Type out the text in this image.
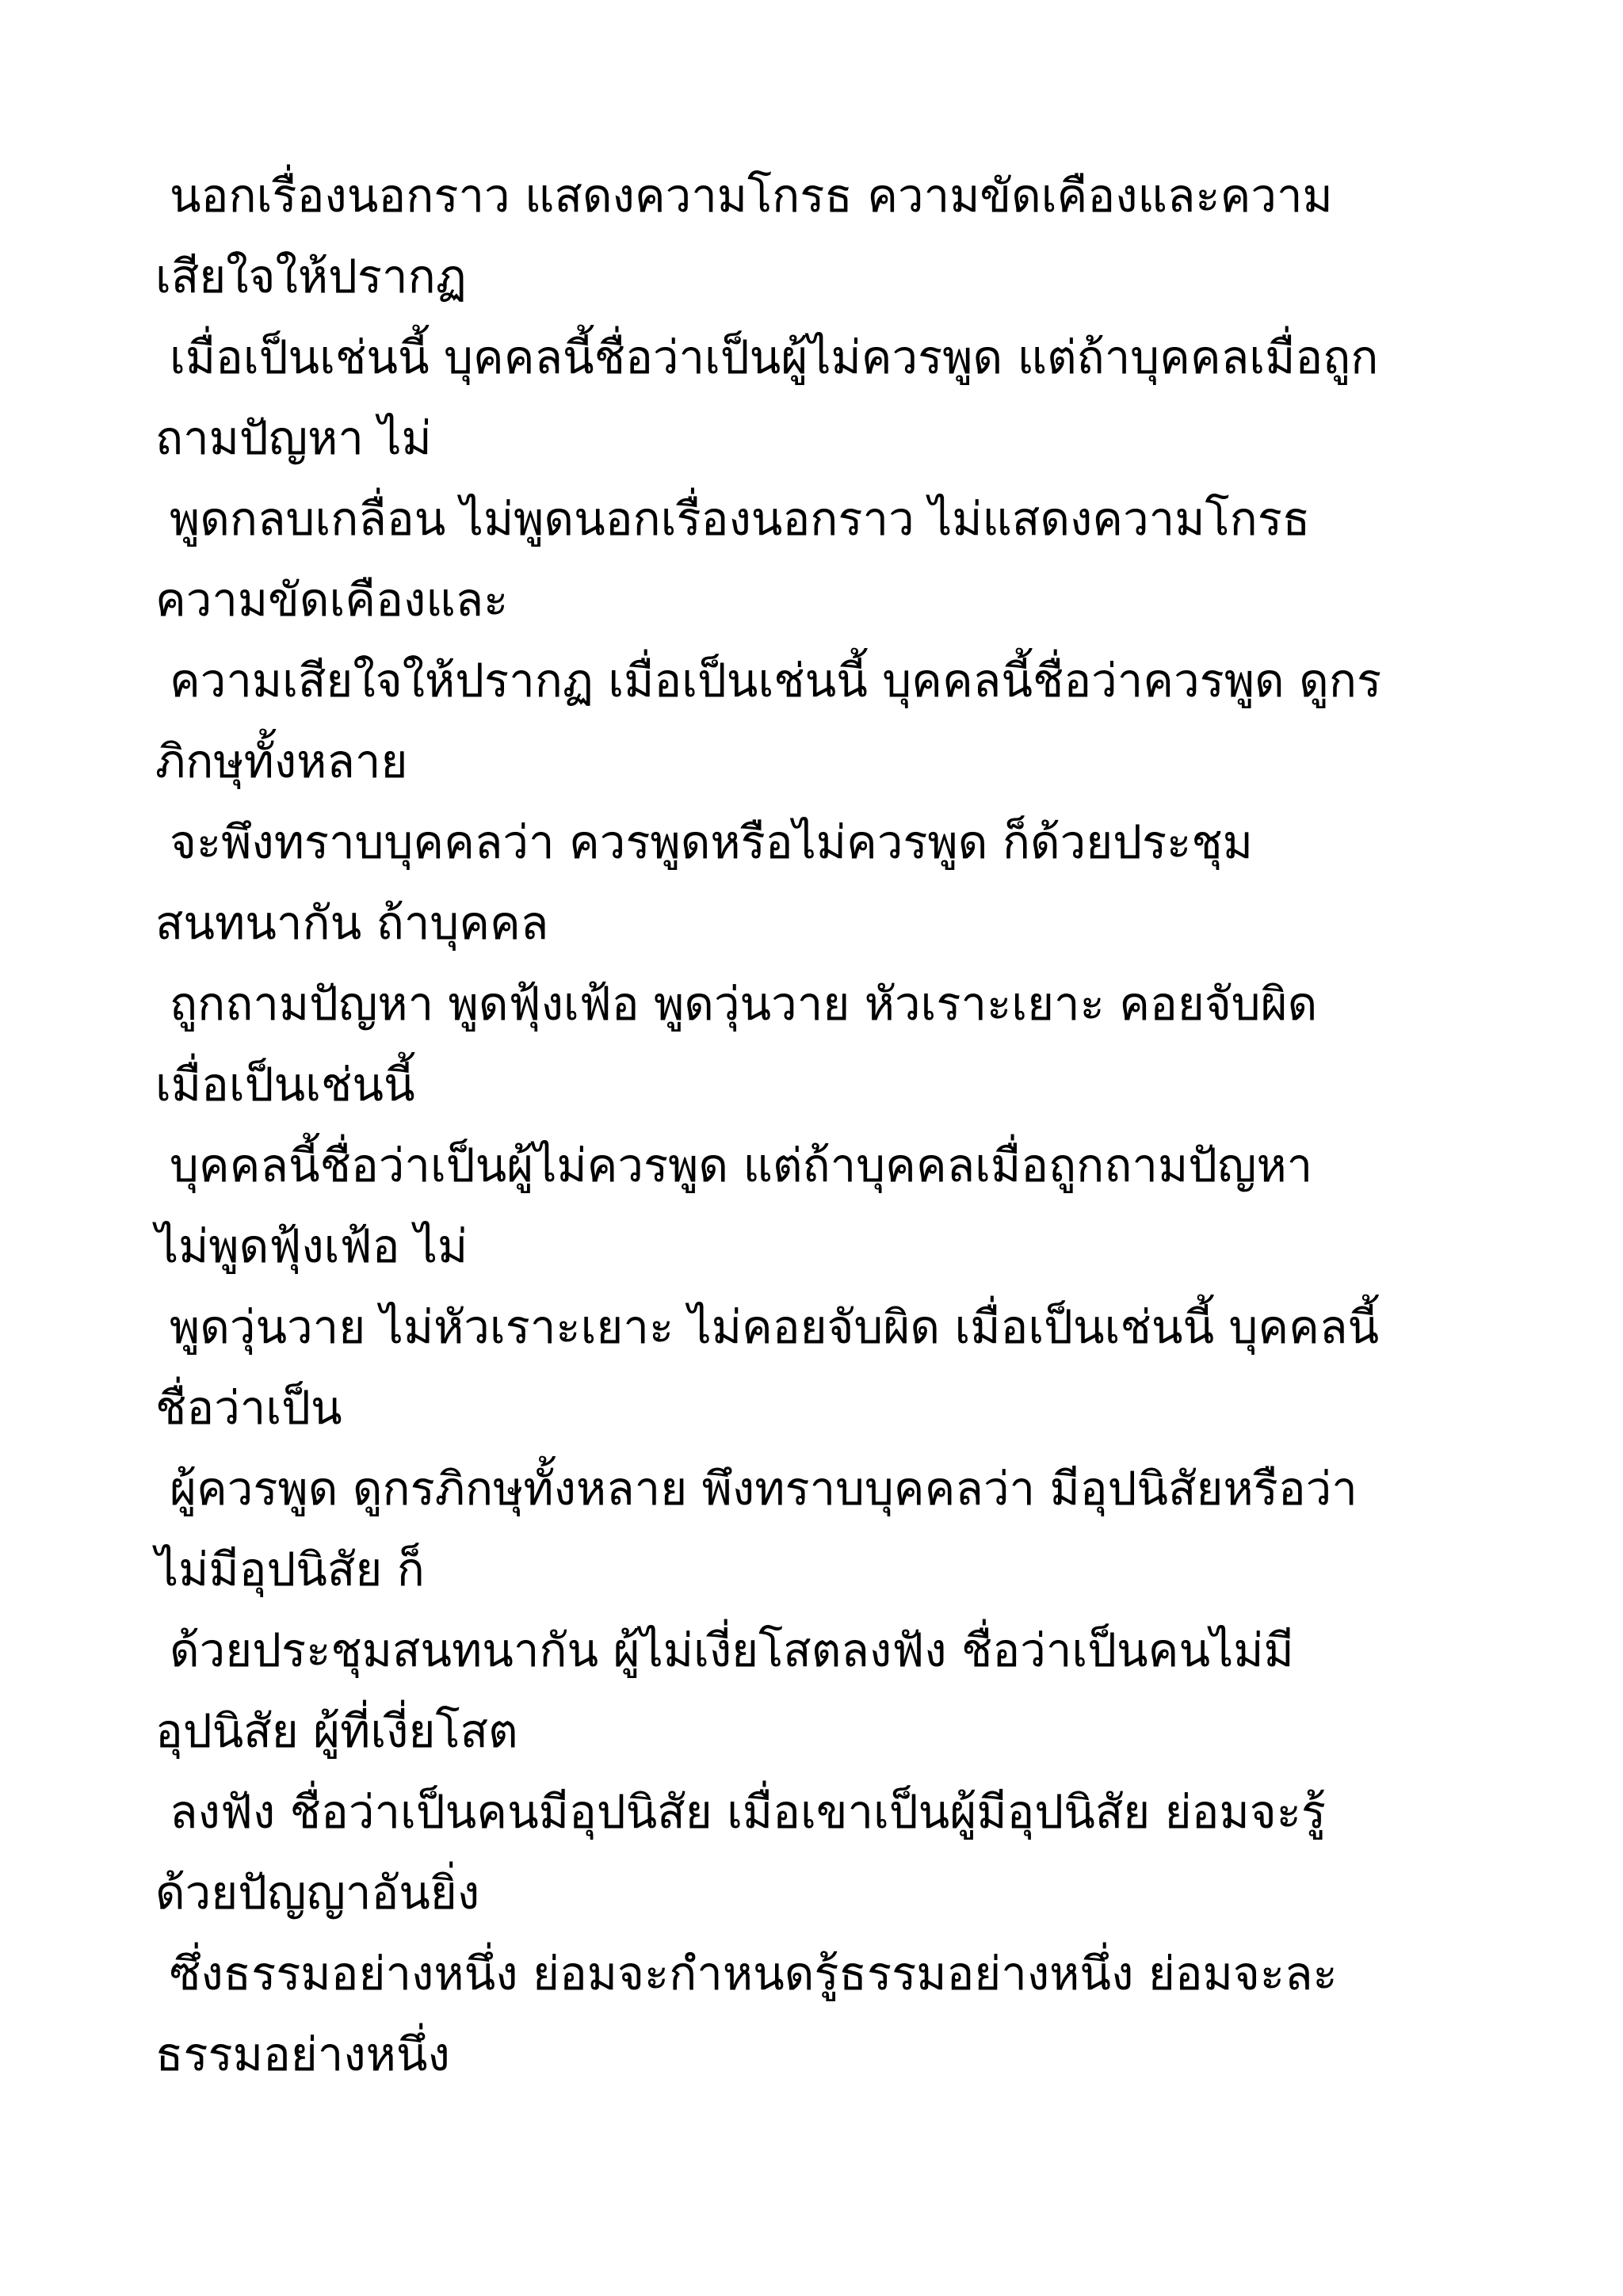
นอกเรื่องนอกราว แสดงความโกรธ ความขัดเคืองและความ
เสียใจให้ปรากฏ
เมื่อเป็นเช่นนี้ บุคคลนี้ชื่อว่าเป็นผู้ไม่ควรพูด แต่ถ้าบุคคลเมื่อถูก
ถามปัญหา ไม่
พูดกลบเกลื่อน ไม่พูดนอกเรื่องนอกราว ไม่แสดงความโกรธ
ความขัดเคืองและ
ความเสียใจให้ปรากฏ เมื่อเป็นเช่นนี้ บุคคลนี้ชื่อว่าควรพูด ดูกร
ภิกษุทั้งหลาย
จะพึงทราบบุคคลว่า ควรพูดหรือไม่ควรพูด ก็ด้วยประชุม
สนทนากัน ถ้าบุคคล
ถูกถามปัญหา พูดฟุ้งเฟ้อ พูดวุ่นวาย หัวเราะเยาะ คอยจับผิด
เมื่อเป็นเช่นนี้
บุคคลนี้ชื่อว่าเป็นผู้ไม่ควรพูด แต่ถ้าบุคคลเมื่อถูกถามปัญหา
ไม่พูดฟุ้งเฟ้อ ไม่
พูดวุ่นวาย ไม่หัวเราะเยาะ ไม่คอยจับผิด เมื่อเป็นเช่นนี้ บุคคลนี้
ชื่อว่าเป็น
ผู้ควรพูด ดูกรภิกษุทั้งหลาย พึงทราบบุคคลว่า มีอุปนิสัยหรือว่า
ไม่มีอุปนิสัย ก็
ด้วยประชุมสนทนากัน ผู้ไม่เงี่ยโสตลงฟัง ชื่อว่าเป็นคนไม่มี
อุปนิสัย ผู้ที่เงี่ยโสต
ลงฟัง ชื่อว่าเป็นคนมีอุปนิสัย เมื่อเขาเป็นผู้มีอุปนิสัย ย่อมจะรู้
ด้วยปัญญาอันยิ่ง
ซึ่งธรรมอย่างหนึ่ง ย่อมจะกำหนดรู้ธรรมอย่างหนึ่ง ย่อมจะละ
ธรรมอย่างหนึ่ง
